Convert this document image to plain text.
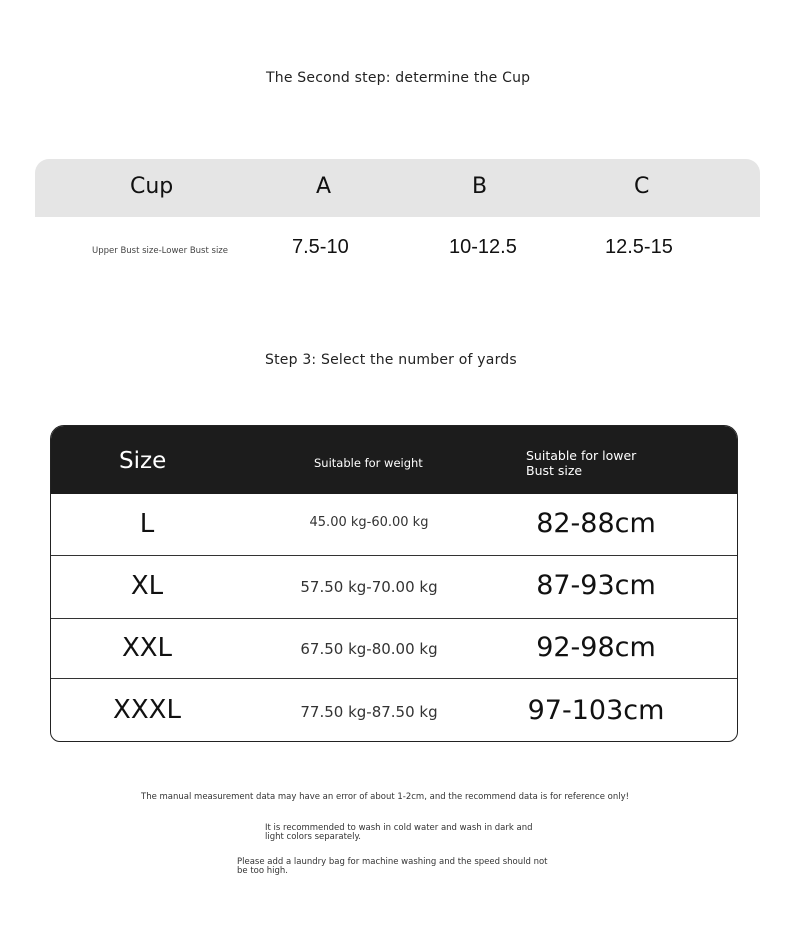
The Second step: determine the Cup
Cup	A	B	C
Upper Bust size-Lower Bust size	7.5-10	10-12.5	12.5-15
Step 3: Select the number of yards
Size	Suitable for weight	Suitable for lower Bust size
L	45.00 kg-60.00 kg	82-88cm
XL	57.50 kg-70.00 kg	87-93cm
XXL	67.50 kg-80.00 kg	92-98cm
XXXL	77.50 kg-87.50 kg	97-103cm
The manual measurement data may have an error of about 1-2cm, and the recommend data is for reference only!
It is recommended to wash in cold water and wash in dark and light colors separately.
Please add a laundry bag for machine washing and the speed should not be too high.
